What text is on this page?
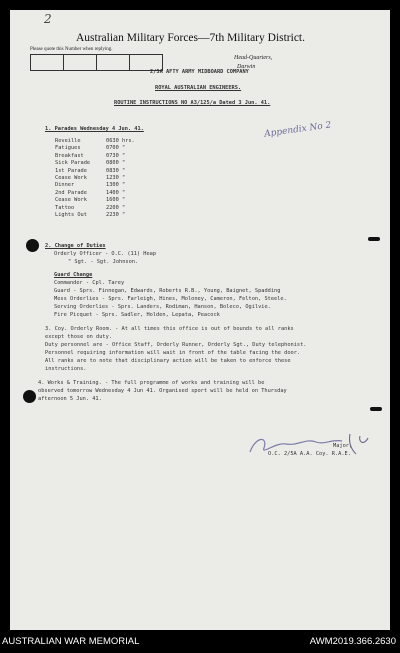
2
Australian Military Forces—7th Military District.
Please quote this Number when replying.
Head-Quarters,
Darwin
2/5A AFTY ARMY MIDBOARD COMPANY
ROYAL AUSTRALIAN ENGINEERS.
ROUTINE INSTRUCTIONS NO A3/125/a Dated 3 Jun. 41.
Appendix No 2
1. Parades Wednesday 4 Jun. 41.
Reveille	0630 hrs.
Fatigues	0700 "
Breakfast	0730 "
Sick Parade	0800 "
1st Parade	0830 "
Cease Work	1230 "
Dinner	1300 "
2nd Parade	1400 "
Cease Work	1600 "
Tattoo	2200 "
Lights Out	2230 "
2. Change of Duties
Orderly Officer - O.C. (11) Heap
" Sgt. - Sgt. Johnson.
Guard Change
Commander - Cpl. Tarey
Guard - Sprs. Finnegan, Edwards, Roberts R.B., Young, Baignet, Spadding
Mess Orderlies - Sprs. Farleigh, Hines, Moloney, Cameron, Felton, Steele.
Serving Orderlies - Sprs. Landers, Rodiman, Hanson, Boleco, Ogilvie.
Fire Picquet - Sprs. Sadler, Holden, Lepata, Peacock
3. Coy. Orderly Room. - At all times this office is out of bounds to all ranks
except those on duty.
Duty personnel are - Office Staff, Orderly Runner, Orderly Sgt., Duty telephonist.
Personnel requiring information will wait in front of the table facing the door.
All ranks are to note that disciplinary action will be taken to enforce these
instructions.
4. Works & Training. - The full programme of works and training will be
observed tomorrow Wednesday 4 Jun 41. Organised sport will be held on Thursday
afternoon 5 Jun. 41.
Major,
O.C. 2/5A A.A. Coy. R.A.E.
AUSTRALIAN WAR MEMORIAL	AWM2019.366.2630
